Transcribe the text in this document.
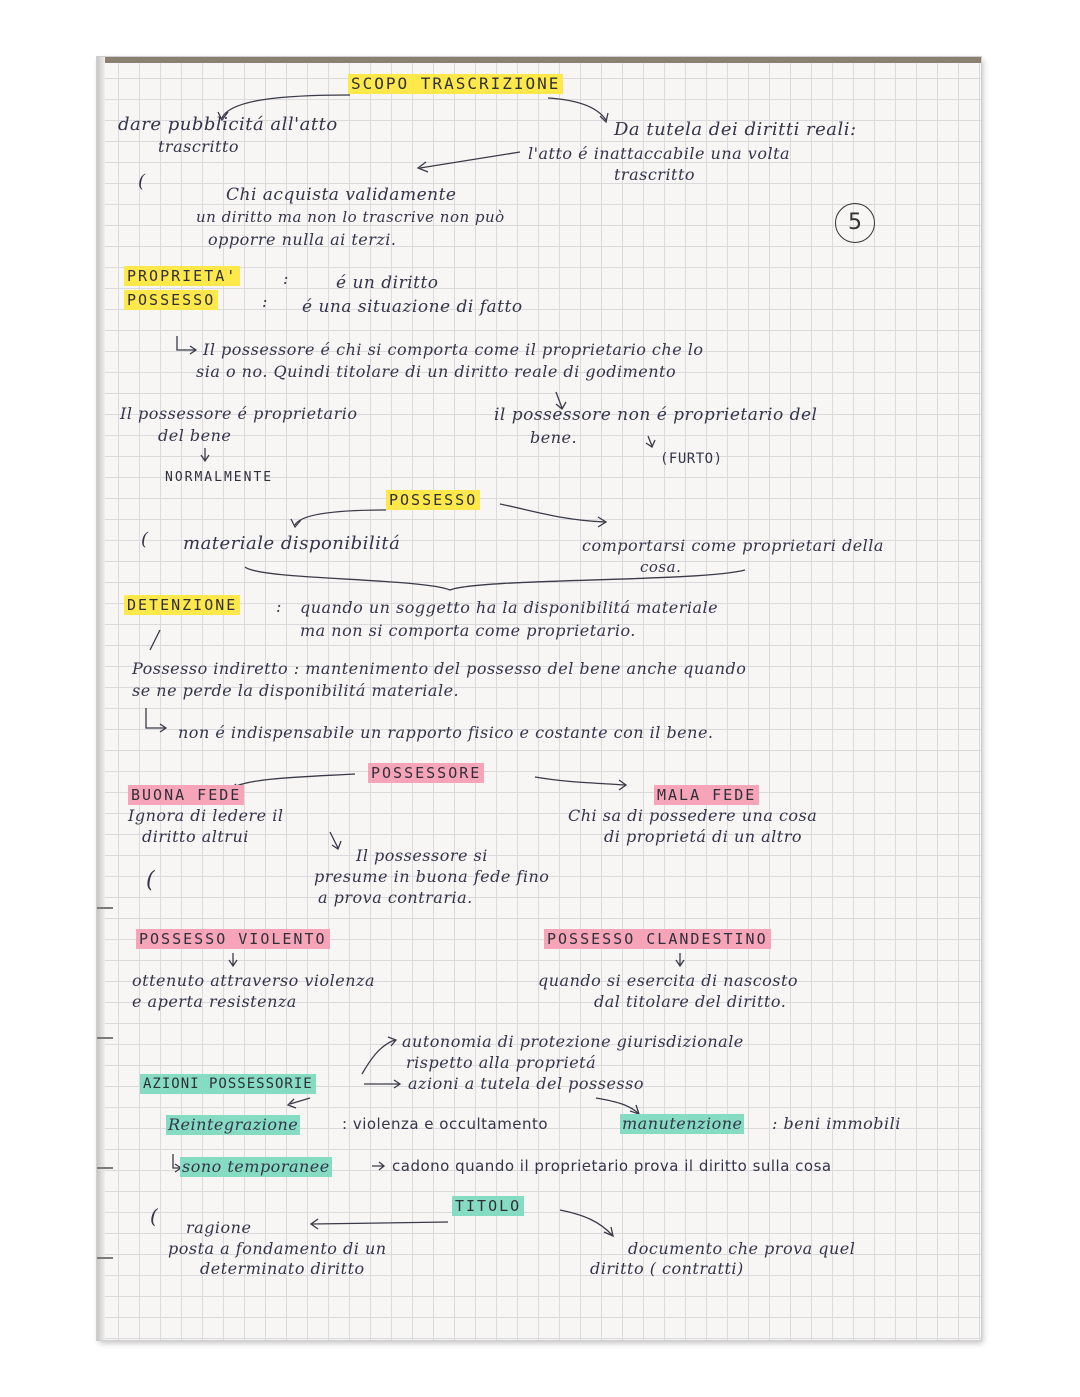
5
SCOPO TRASCRIZIONE
dare pubblicitá all'atto
trascritto
Da tutela dei diritti reali:
l'atto é inattaccabile una volta
trascritto
(
Chi acquista validamente
un diritto ma non lo trascrive non può
opporre nulla ai terzi.
PROPRIETA'	:	é un diritto
POSSESSO	: é una situazione di fatto
Il possessore é chi si comporta come il proprietario che lo
sia o no. Quindi titolare di un diritto reale di godimento
Il possessore é proprietario
del bene
NORMALMENTE
il possessore non é proprietario del
bene.
(FURTO)
POSSESSO
( materiale disponibilitá	comportarsi come proprietari della
cosa.
DETENZIONE : quando un soggetto ha la disponibilitá materiale
ma non si comporta come proprietario.
Possesso indiretto : mantenimento del possesso del bene anche quando
se ne perde la disponibilitá materiale.
non é indispensabile un rapporto fisico e costante con il bene.
POSSESSORE
BUONA FEDE
Ignora di ledere il
diritto altrui
MALA FEDE
Chi sa di possedere una cosa
di proprietá di un altro
Il possessore si
presume in buona fede fino
a prova contraria.
(
POSSESSO VIOLENTO
ottenuto attraverso violenza
e aperta resistenza
POSSESSO CLANDESTINO
quando si esercita di nascosto
dal titolare del diritto.
autonomia di protezione giurisdizionale
rispetto alla proprietá
AZIONI POSSESSORIE	azioni a tutela del possesso
Reintegrazione	: violenza e occultamento	manutenzione : beni immobili
sono temporanee	cadono quando il proprietario prova il diritto sulla cosa
TITOLO
( ragione
posta a fondamento di un
determinato diritto
documento che prova quel
diritto ( contratti)
